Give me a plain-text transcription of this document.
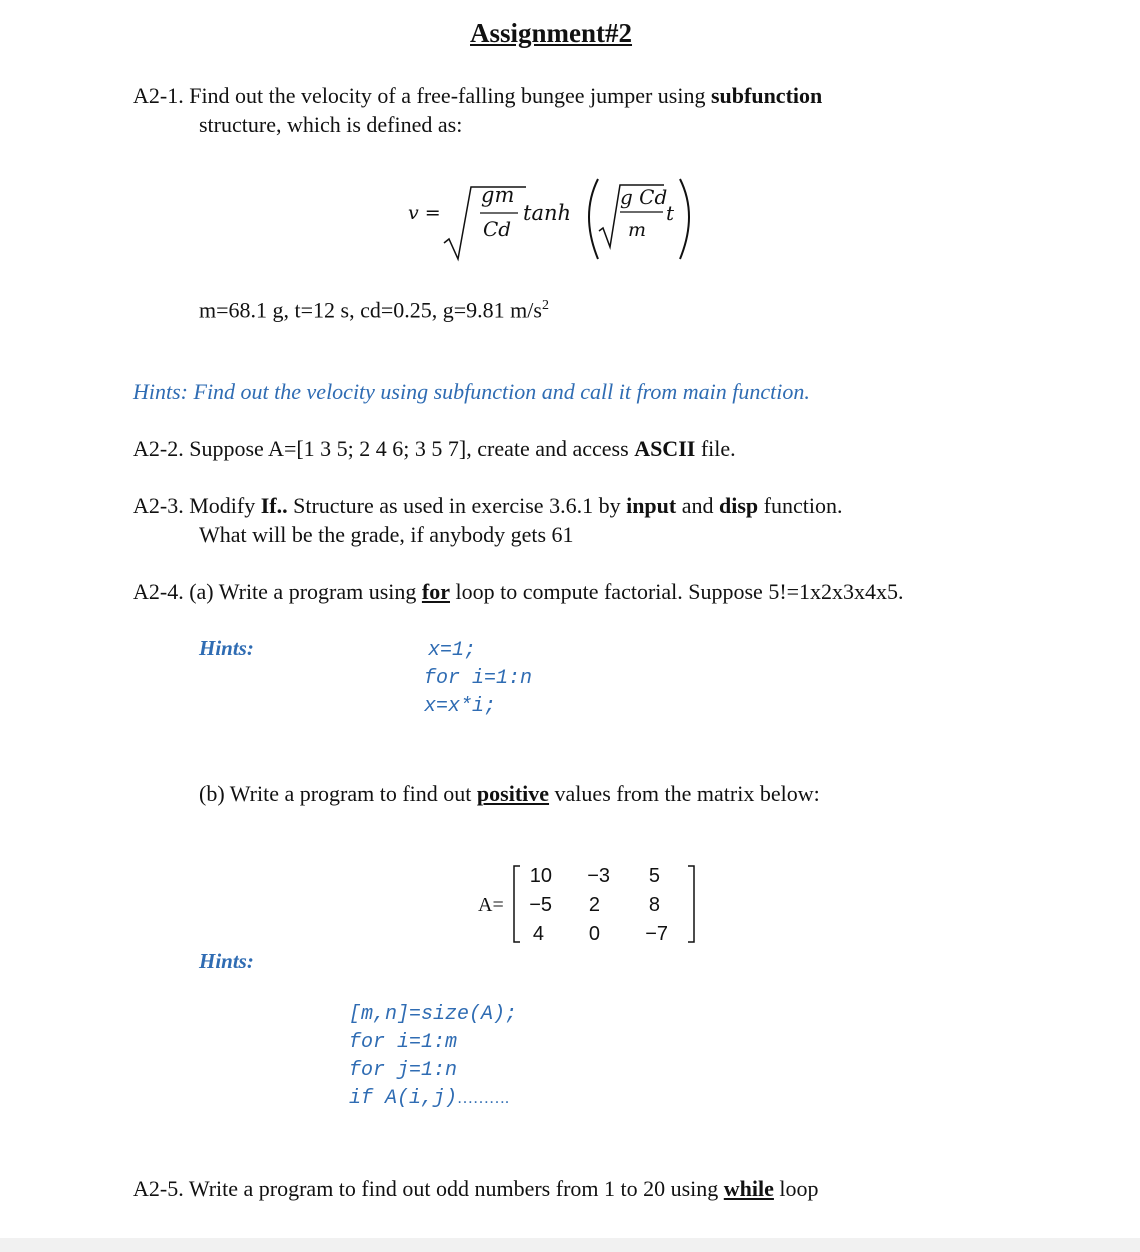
Assignment#2
A2-1. Find out the velocity of a free-falling bungee jumper using subfunction
structure, which is defined as:
v =
gm
Cd
tanh
g Cd
m
t
m=68.1 g, t=12 s, cd=0.25, g=9.81 $m/s^2$
Hints: Find out the velocity using subfunction and call it from main function.
A2-2. Suppose A=[1 3 5; 2 4 6; 3 5 7], create and access ASCII file.
A2-3. Modify If.. Structure as used in exercise 3.6.1 by input and disp function.
What will be the grade, if anybody gets 61
A2-4. (a) Write a program using for loop to compute factorial. Suppose 5!=1x2x3x4x5.
Hints:	x=1;
for i=1:n
x=x*i;
(b) Write a program to find out positive values from the matrix below:
A=
10	−3	5
−5	2	8
4	0	−7
Hints:
[m,n]=size(A);
for i=1:m
for j=1:n
if A(i,j)……….
A2-5. Write a program to find out odd numbers from 1 to 20 using while loop
